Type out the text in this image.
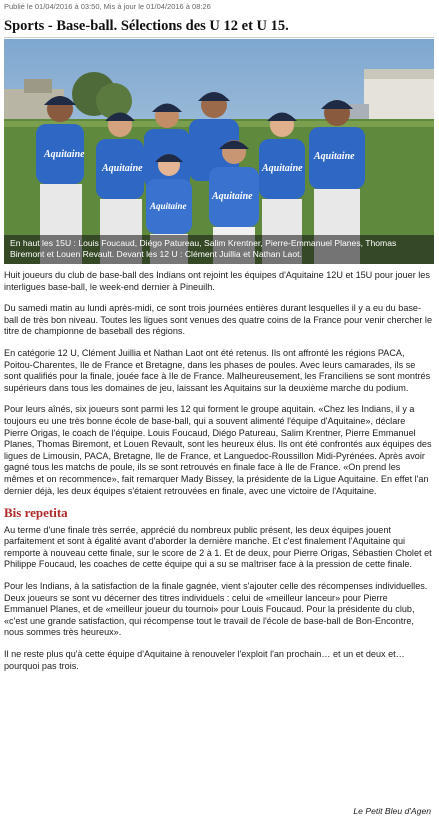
Publié le 01/04/2016 à 03:50, Mis à jour le 01/04/2016 à 08:26
Sports - Base-ball. Sélections des U 12 et U 15.
Aquitaine
Aquitaine
Aquitaine
Aquitaine
Aquitaine
Aquitaine
En haut les 15U : Louis Foucaud, Diégo Patureau, Salim Krentner, Pierre-Emmanuel Planes, Thomas Biremont et Louen Revault. Devant les 12 U : Clément Juillia et Nathan Laot.

Huit joueurs du club de base-ball des Indians ont rejoint les équipes d'Aquitaine 12U et 15U pour jouer les interligues base-ball, le week-end dernier à Pineuilh.

Du samedi matin au lundi après-midi, ce sont trois journées entières durant lesquelles il y a eu du base-ball de très bon niveau. Toutes les ligues sont venues des quatre coins de la France pour venir chercher le titre de championne de baseball des régions.

En catégorie 12 U, Clément Juillia et Nathan Laot ont été retenus. Ils ont affronté les régions PACA, Poitou-Charentes, Ile de France et Bretagne, dans les phases de poules. Avec leurs camarades, ils se sont qualifiés pour la finale, jouée face à Ile de France. Malheureusement, les Franciliens se sont montrés supérieurs dans tous les domaines de jeu, laissant les Aquitains sur la deuxième marche du podium.

Pour leurs aînés, six joueurs sont parmi les 12 qui forment le groupe aquitain. «Chez les Indians, il y a toujours eu une très bonne école de base-ball, qui a souvent alimenté l'équipe d'Aquitaine», déclare Pierre Origas, le coach de l'équipe. Louis Foucaud, Diégo Patureau, Salim Krentner, Pierre Emmanuel Planes, Thomas Biremont, et Louen Revault, sont les heureux élus. Ils ont été confrontés aux équipes des ligues de Limousin, PACA, Bretagne, Ile de France, et Languedoc-Roussillon Midi-Pyrénées. Après avoir gagné tous les matchs de poule, ils se sont retrouvés en finale face à Ile de France. «On prend les mêmes et on recommence», fait remarquer Mady Bissey, la présidente de la Ligue Aquitaine. En effet l'an dernier déjà, les deux équipes s'étaient retrouvées en finale, avec une victoire de l'Aquitaine.

Bis repetita

Au terme d'une finale très serrée, apprécié du nombreux public présent, les deux équipes jouent parfaitement et sont à égalité avant d'aborder la dernière manche. Et c'est finalement l'Aquitaine qui remporte à nouveau cette finale, sur le score de 2 à 1. Et de deux, pour Pierre Origas, Sébastien Cholet et Philippe Foucaud, les coaches de cette équipe qui a su se maîtriser face à la pression de cette finale.

Pour les Indians, à la satisfaction de la finale gagnée, vient s'ajouter celle des récompenses individuelles. Deux joueurs se sont vu décerner des titres individuels : celui de «meilleur lanceur» pour Pierre Emmanuel Planes, et de «meilleur joueur du tournoi» pour Louis Foucaud. Pour la présidente du club, «c'est une grande satisfaction, qui récompense tout le travail de l'école de base-ball de Bon-Encontre, nous sommes très heureux».

Il ne reste plus qu'à cette équipe d'Aquitaine à renouveler l'exploit l'an prochain… et un et deux et… pourquoi pas trois.

Le Petit Bleu d'Agen
